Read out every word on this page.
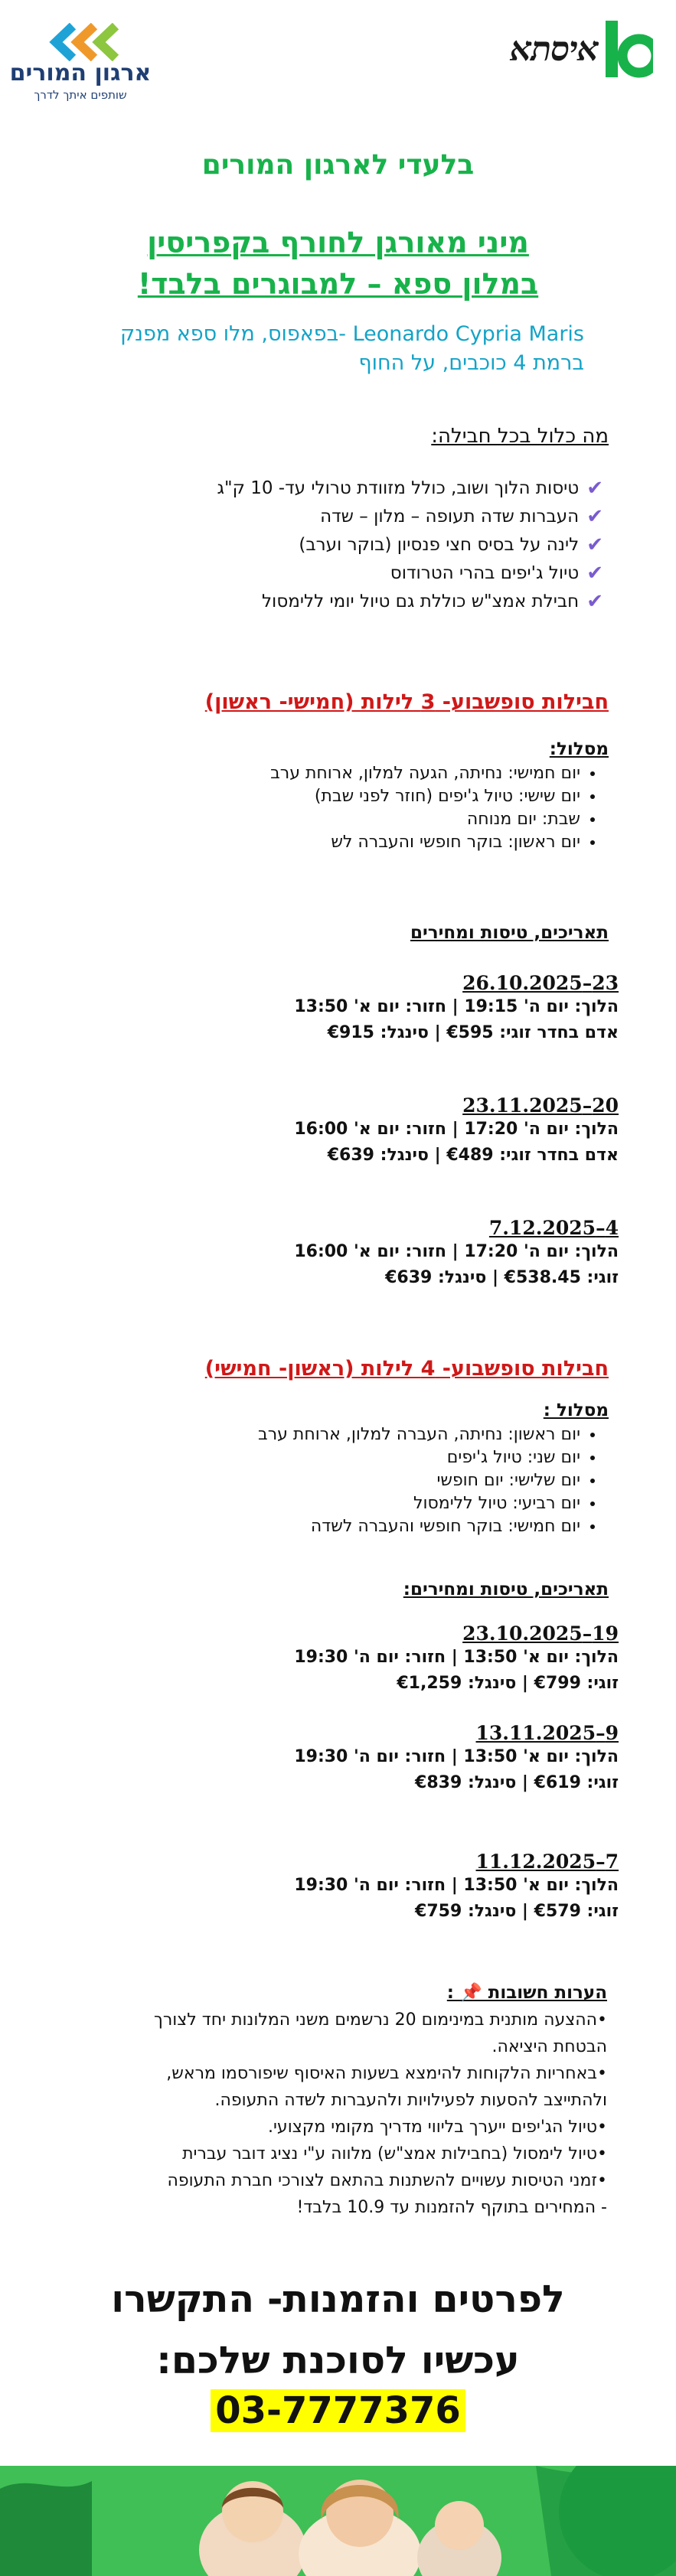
איסתא
ארגון המורים
שותפים איתך לדרך
בלעדי לארגון המורים
מיני מאורגן לחורף בקפריסין
במלון ספא – למבוגרים בלבד!
Leonardo Cypria Maris -בפאפוס, מלו ספא מפנק
ברמת 4 כוכבים, על החוף
מה כלול בכל חבילה:
✔
טיסות הלוך ושוב, כולל מזוודת טרולי עד- 10 ק"ג
✔
העברות שדה תעופה – מלון – שדה
✔
לינה על בסיס חצי פנסיון (בוקר וערב)
✔
טיול ג'יפים בהרי הטרודוס
✔
חבילת אמצ"ש כוללת גם טיול יומי ללימסול
חבילות סופשבוע- 3 לילות (חמישי- ראשון)
מסלול:
• יום חמישי: נחיתה, הגעה למלון, ארוחת ערב
• יום שישי: טיול ג'יפים (חוזר לפני שבת)
• שבת: יום מנוחה
• יום ראשון: בוקר חופשי והעברה לש
תאריכים, טיסות ומחירים
23–26.10.2025
הלוך: יום ה' 19:15 | חזור: יום א' 13:50
אדם בחדר זוגי: €595 | סינגל: €915
20–23.11.2025
הלוך: יום ה' 17:20 | חזור: יום א' 16:00
אדם בחדר זוגי: €489 | סינגל: €639
4–7.12.2025
הלוך: יום ה' 17:20 | חזור: יום א' 16:00
זוגי: €538.45 | סינגל: €639
חבילות סופשבוע- 4 לילות (ראשון- חמישי)
מסלול :
• יום ראשון: נחיתה, העברה למלון, ארוחת ערב
• יום שני: טיול ג'יפים
• יום שלישי: יום חופשי
• יום רביעי: טיול ללימסול
• יום חמישי: בוקר חופשי והעברה לשדה
תאריכים, טיסות ומחירים:
19–23.10.2025
הלוך: יום א' 13:50 | חזור: יום ה' 19:30
זוגי: €799 | סינגל: €1,259
9–13.11.2025
הלוך: יום א' 13:50 | חזור: יום ה' 19:30
זוגי: €619 | סינגל: €839
7–11.12.2025
הלוך: יום א' 13:50 | חזור: יום ה' 19:30
זוגי: €579 | סינגל: €759
הערות חשובות 📌 :

•ההצעה מותנית במינימום 20 נרשמים משני המלונות יחד לצורך

הבטחת היציאה.

•באחריות הלקוחות להימצא בשעות האיסוף שיפורסמו מראש,

ולהתייצב להסעות לפעילויות ולהעברות לשדה התעופה.

•טיול הג'יפים ייערך בליווי מדריך מקומי מקצועי.

•טיול לימסול (בחבילות אמצ"ש) מלווה ע"י נציג דובר עברית

•זמני הטיסות עשויים להשתנות בהתאם לצורכי חברת התעופה

- המחירים בתוקף להזמנות עד 10.9 בלבד!

לפרטים והזמנות- התקשרו
עכשיו לסוכנת שלכם:
03-7777376
